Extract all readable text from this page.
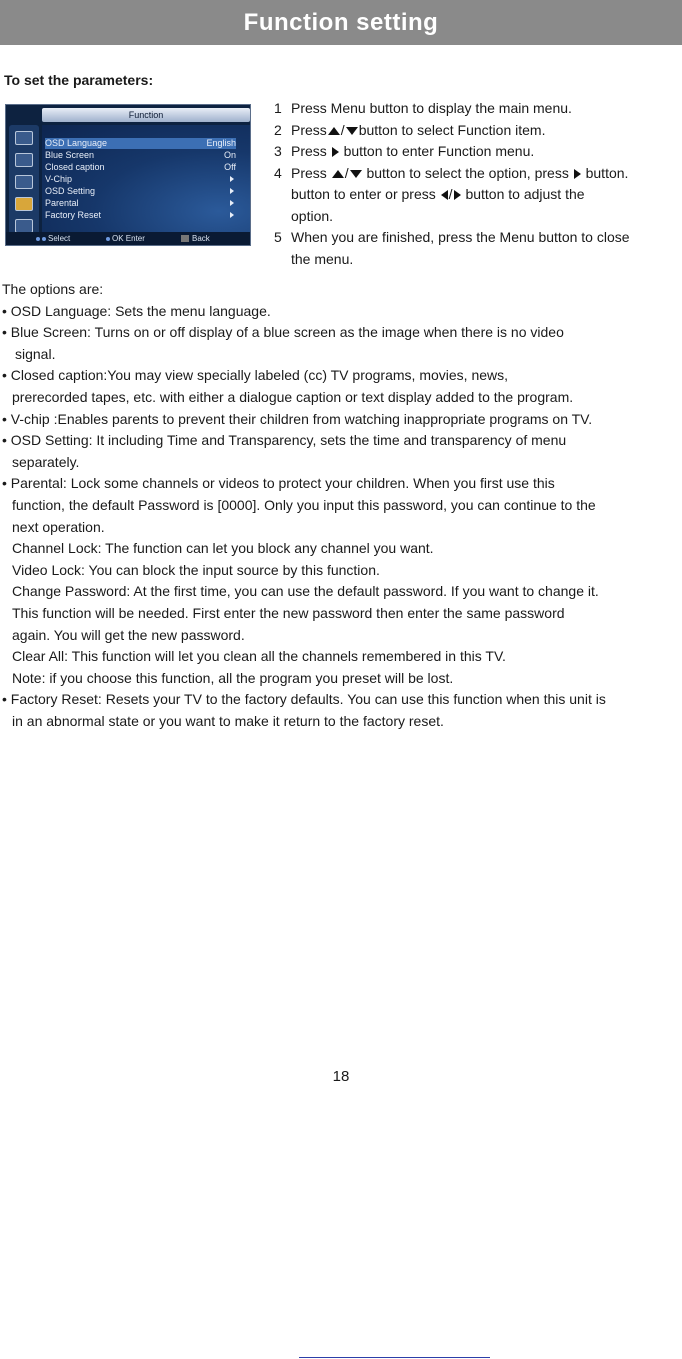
Function setting
To set the parameters:
Function
OSD Language	English
Blue Screen	On
Closed caption	Off
V-Chip
OSD Setting
Parental
Factory Reset
Select	OK Enter	Back
1 Press Menu button to display the main menu.
2 Press / button to select Function item.
3 Press button to enter Function menu.
4 Press / button to select the option, press button.
button to enter or press / button to adjust the
option.
5 When you are finished, press the Menu button to close
the menu.
The options are:
• OSD Language: Sets the menu language.
• Blue Screen: Turns on or off display of a blue screen as the image when there is no video
signal.
• Closed caption:You may view specially labeled (cc) TV programs, movies, news,
prerecorded tapes, etc. with either a dialogue caption or text display added to the program.
• V-chip :Enables parents to prevent their children from watching inappropriate programs on TV.
• OSD Setting: It including Time and Transparency, sets the time and transparency of menu
separately.
• Parental: Lock some channels or videos to protect your children. When you first use this
function, the default Password is [0000]. Only you input this password, you can continue to the
next operation.
Channel Lock: The function can let you block any channel you want.
Video Lock: You can block the input source by this function.
Change Password: At the first time, you can use the default password. If you want to change it.
This function will be needed. First enter the new password then enter the same password
again. You will get the new password.
Clear All: This function will let you clean all the channels remembered in this TV.
Note: if you choose this function, all the program you preset will be lost.
• Factory Reset: Resets your TV to the factory defaults. You can use this function when this unit is
in an abnormal state or you want to make it return to the factory reset.
18
